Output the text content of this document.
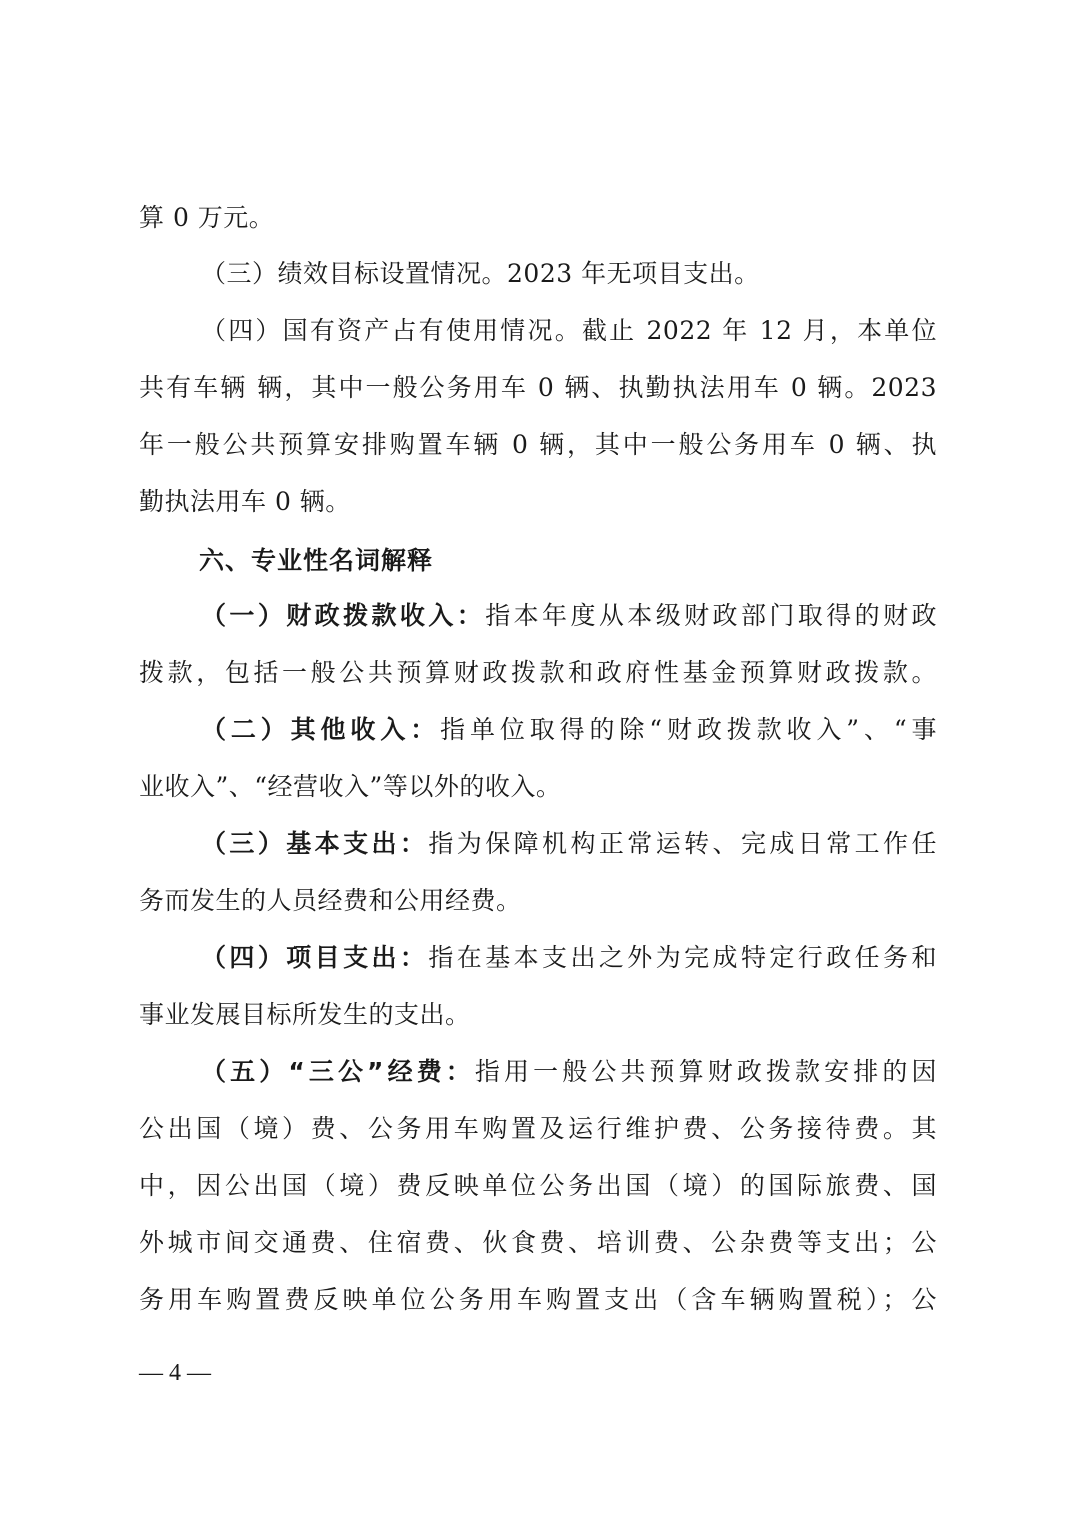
算 0 万元。
（三）绩效目标设置情况。2023 年无项目支出。
（四）国有资产占有使用情况。截止 2022 年 12 月，本单位
共有车辆 辆，其中一般公务用车 0 辆、执勤执法用车 0 辆。2023
年一般公共预算安排购置车辆 0 辆，其中一般公务用车 0 辆、执
勤执法用车 0 辆。
六、专业性名词解释
（一）财政拨款收入：指本年度从本级财政部门取得的财政
拨款，包括一般公共预算财政拨款和政府性基金预算财政拨款。
（二）其他收入：指单位取得的除“财政拨款收入”、“事
业收入”、“经营收入”等以外的收入。
（三）基本支出：指为保障机构正常运转、完成日常工作任
务而发生的人员经费和公用经费。
（四）项目支出：指在基本支出之外为完成特定行政任务和
事业发展目标所发生的支出。
（五）“三公”经费：指用一般公共预算财政拨款安排的因
公出国（境）费、公务用车购置及运行维护费、公务接待费。其
中，因公出国（境）费反映单位公务出国（境）的国际旅费、国
外城市间交通费、住宿费、伙食费、培训费、公杂费等支出；公
务用车购置费反映单位公务用车购置支出（含车辆购置税）；公
— 4 —
